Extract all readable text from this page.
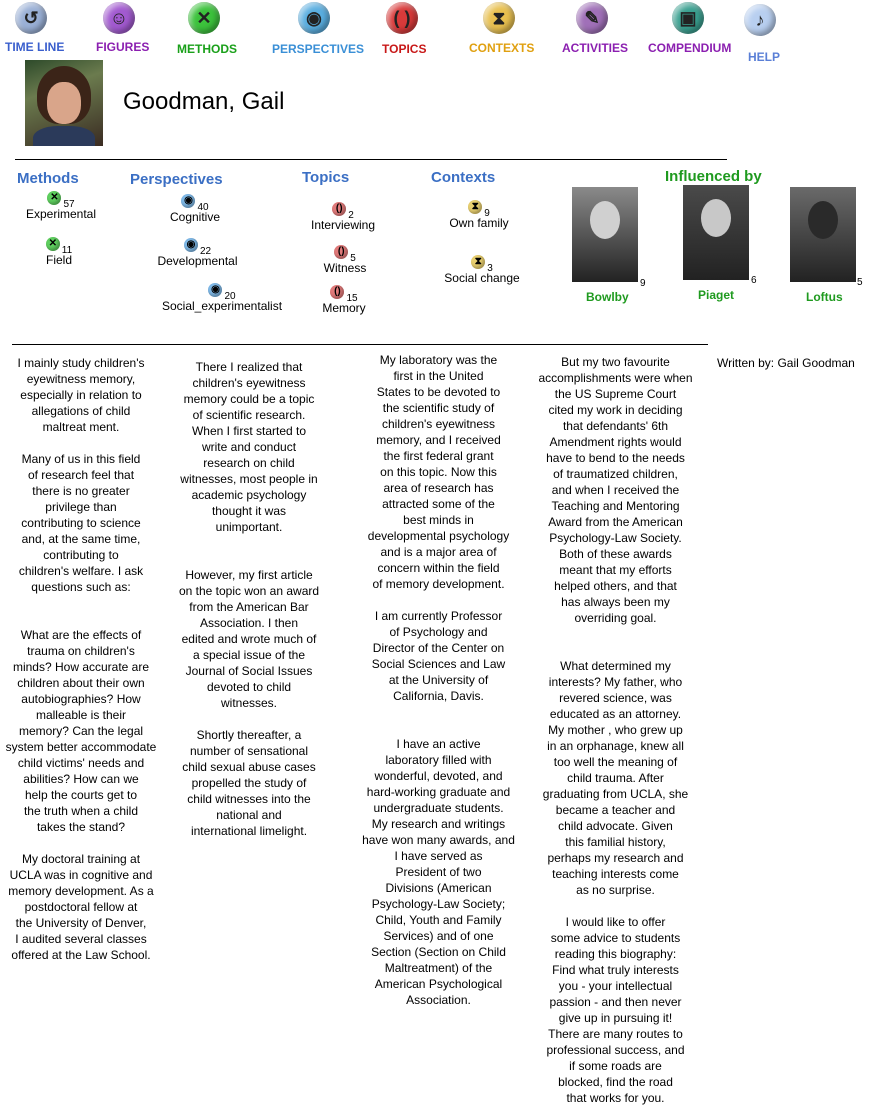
↺
TIME LINE
☺
FIGURES
✕
METHODS
◉
PERSPECTIVES
( )
TOPICS
⧗
CONTEXTS
✎
ACTIVITIES
▣
COMPENDIUM
♪
HELP
Goodman, Gail
Methods	Perspectives	Topics	Contexts
✕
$_{57}$
Experimental
✕
$_{11}$
Field
◉
$_{40}$
Cognitive
◉
$_{22}$
Developmental
◉
$_{20}$
Social_experimentalist
()
$_2$
Interviewing
()
$_5$
Witness
()
$_{15}$
Memory
⧗
$_9$
Own family
⧗
$_3$
Social change
Influenced by
Bowlby
9
Piaget
6
Loftus
5
I mainly study children's
eyewitness memory,
especially in relation to
allegations of child
maltreat ment.

Many of us in this field
of research feel that
there is no greater
privilege than
contributing to science
and, at the same time,
contributing to
children's welfare. I ask
questions such as:

What are the effects of
trauma on children's
minds? How accurate are
children about their own
autobiographies? How
malleable is their
memory? Can the legal
system better accommodate
child victims' needs and
abilities? How can we
help the courts get to
the truth when a child
takes the stand?

My doctoral training at
UCLA was in cognitive and
memory development. As a
postdoctoral fellow at
the University of Denver,
I audited several classes
offered at the Law School.
There I realized that
children's eyewitness
memory could be a topic
of scientific research.
When I first started to
write and conduct
research on child
witnesses, most people in
academic psychology
thought it was
unimportant.

However, my first article
on the topic won an award
from the American Bar
Association. I then
edited and wrote much of
a special issue of the
Journal of Social Issues
devoted to child
witnesses.

Shortly thereafter, a
number of sensational
child sexual abuse cases
propelled the study of
child witnesses into the
national and
international limelight.
My laboratory was the
first in the United
States to be devoted to
the scientific study of
children's eyewitness
memory, and I received
the first federal grant
on this topic. Now this
area of research has
attracted some of the
best minds in
developmental psychology
and is a major area of
concern within the field
of memory development.

I am currently Professor
of Psychology and
Director of the Center on
Social Sciences and Law
at the University of
California, Davis.

I have an active
laboratory filled with
wonderful, devoted, and
hard-working graduate and
undergraduate students.
My research and writings
have won many awards, and
I have served as
President of two
Divisions (American
Psychology-Law Society;
Child, Youth and Family
Services) and of one
Section (Section on Child
Maltreatment) of the
American Psychological
Association.
But my two favourite
accomplishments were when
the US Supreme Court
cited my work in deciding
that defendants' 6th
Amendment rights would
have to bend to the needs
of traumatized children,
and when I received the
Teaching and Mentoring
Award from the American
Psychology-Law Society.
Both of these awards
meant that my efforts
helped others, and that
has always been my
overriding goal.

What determined my
interests? My father, who
revered science, was
educated as an attorney.
My mother , who grew up
in an orphanage, knew all
too well the meaning of
child trauma. After
graduating from UCLA, she
became a teacher and
child advocate. Given
this familial history,
perhaps my research and
teaching interests come
as no surprise.

I would like to offer
some advice to students
reading this biography:
Find what truly interests
you - your intellectual
passion - and then never
give up in pursuing it!
There are many routes to
professional success, and
if some roads are
blocked, find the road
that works for you.
Written by: Gail Goodman
